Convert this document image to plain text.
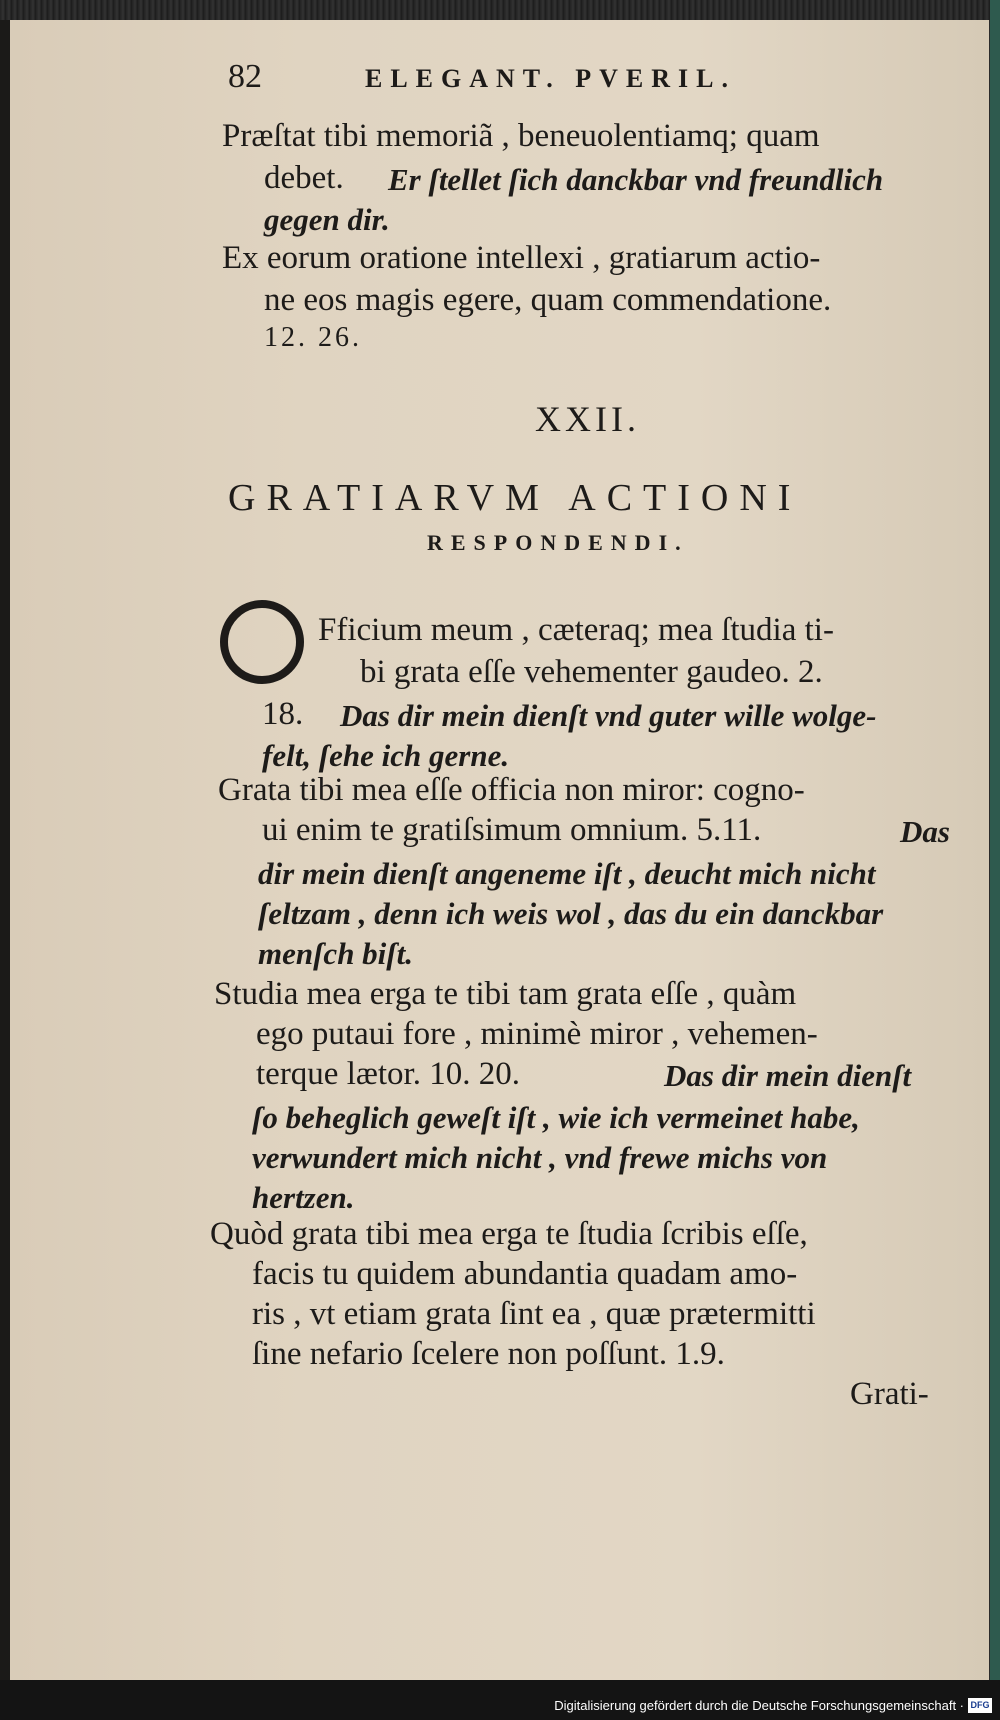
82	ELEGANT. PVERIL.
Præſtat tibi memoriã , beneuolentiamq; quam
debet. Er ſtellet ſich danckbar vnd freundlich
gegen dir.
Ex eorum oratione intellexi , gratiarum actio-
ne eos magis egere, quam commendatione.
12. 26.
XXII.
GRATIARVM ACTIONI
RESPONDENDI.
Fficium meum , cæteraq; mea ſtudia ti-
bi grata eſſe vehementer gaudeo. 2.
18. Das dir mein dienſt vnd guter wille wolge-
felt, ſehe ich gerne.
Grata tibi mea eſſe officia non miror: cogno-
ui enim te gratiſsimum omnium. 5.11.	Das
dir mein dienſt angeneme iſt , deucht mich nicht
ſeltzam , denn ich weis wol , das du ein danckbar
menſch biſt.
Studia mea erga te tibi tam grata eſſe , quàm
ego putaui fore , minimè miror , vehemen-
terque lætor. 10. 20.	Das dir mein dienſt
ſo beheglich geweſt iſt , wie ich vermeinet habe,
verwundert mich nicht , vnd frewe michs von
hertzen.
Quòd grata tibi mea erga te ſtudia ſcribis eſſe,
facis tu quidem abundantia quadam amo-
ris , vt etiam grata ſint ea , quæ prætermitti
ſine nefario ſcelere non poſſunt. 1.9.
Grati-
Digitalisierung gefördert durch die Deutsche Forschungsgemeinschaft · DFG
